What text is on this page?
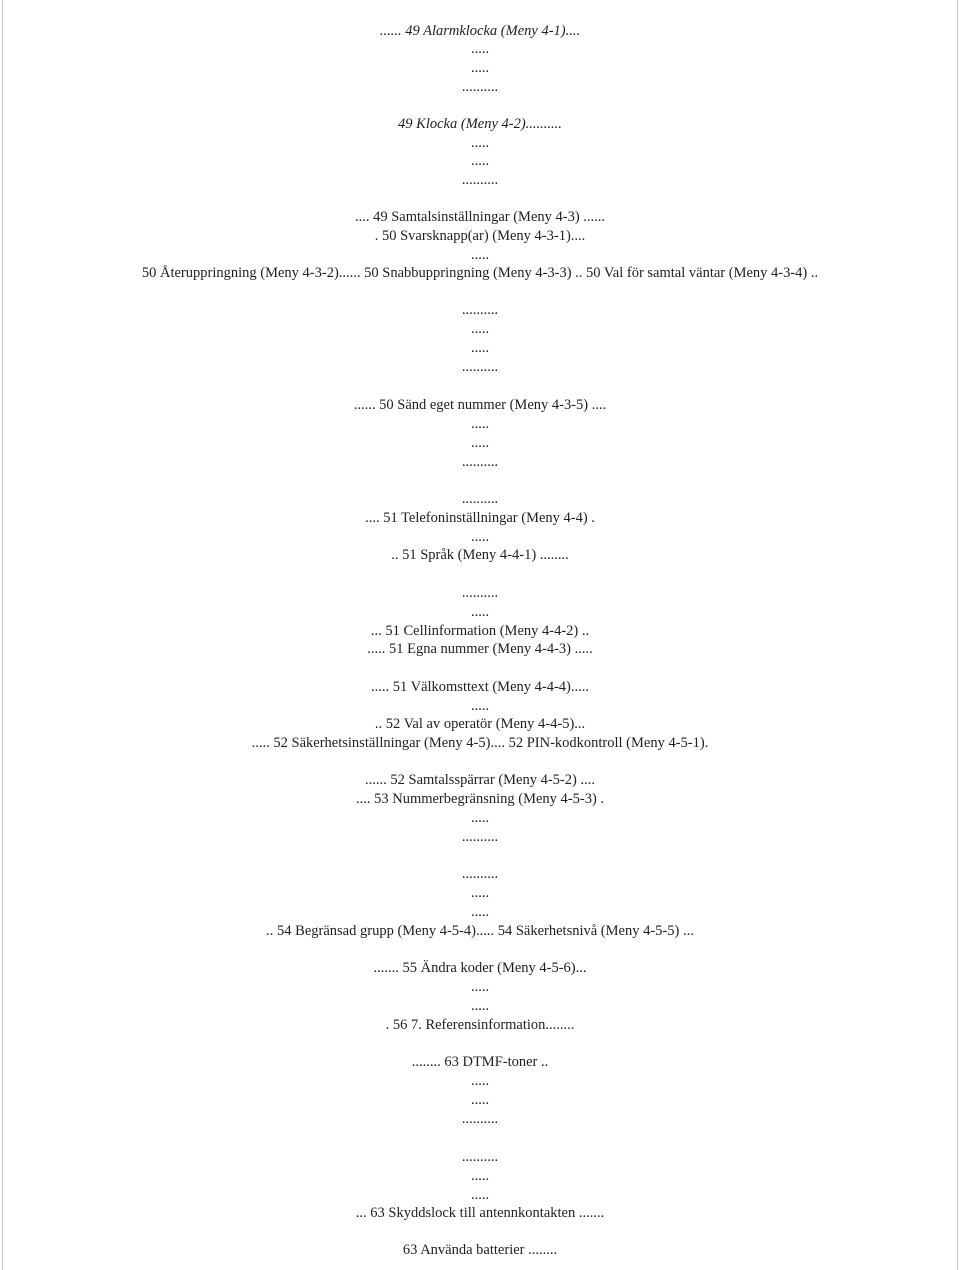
...... 49 Alarmklocka (Meny 4-1)....
.....
.....
..........
49 Klocka (Meny 4-2)..........
.....
.....
..........
.... 49 Samtalsinställningar (Meny 4-3) ......
. 50 Svarsknapp(ar) (Meny 4-3-1)....
.....
50 Återuppringning (Meny 4-3-2)...... 50 Snabbuppringning (Meny 4-3-3) .. 50 Val för samtal väntar (Meny 4-3-4) ..
..........
.....
.....
..........
...... 50 Sänd eget nummer (Meny 4-3-5) ....
.....
.....
..........
..........
.... 51 Telefoninställningar (Meny 4-4) .
.....
.. 51 Språk (Meny 4-4-1) ........
..........
.....
... 51 Cellinformation (Meny 4-4-2) ..
..... 51 Egna nummer (Meny 4-4-3) .....
..... 51 Välkomsttext (Meny 4-4-4).....
.....
.. 52 Val av operatör (Meny 4-4-5)...
..... 52 Säkerhetsinställningar (Meny 4-5).... 52 PIN-kodkontroll (Meny 4-5-1).
...... 52 Samtalsspärrar (Meny 4-5-2) ....
.... 53 Nummerbegränsning (Meny 4-5-3) .
.....
..........
..........
.....
.....
.. 54 Begränsad grupp (Meny 4-5-4)..... 54 Säkerhetsnivå (Meny 4-5-5) ...
....... 55 Ändra koder (Meny 4-5-6)...
.....
.....
. 56 7. Referensinformation........
........ 63 DTMF-toner ..
.....
.....
..........
..........
.....
.....
... 63 Skyddslock till antennkontakten .......
63 Använda batterier ........
